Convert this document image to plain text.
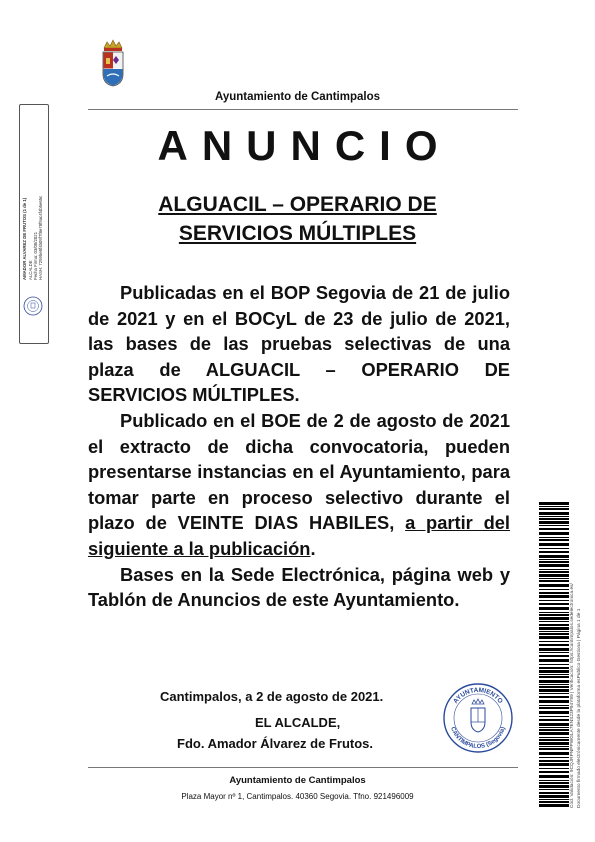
Ayuntamiento de Cantimpalos
ANUNCIO
ALGUACIL – OPERARIO DE
SERVICIOS MÚLTIPLES

Publicadas en el BOP Segovia de 21 de julio de 2021 y en el BOCyL de 23 de julio de 2021, las bases de las pruebas selectivas de una plaza de ALGUACIL – OPERARIO DE SERVICIOS MÚLTIPLES.

Publicado en el BOE de 2 de agosto de 2021 el extracto de dicha convocatoria, pueden presentarse instancias en el Ayuntamiento, para tomar parte en proceso selectivo durante el plazo de VEINTE DIAS HABILES, a partir del siguiente a la publicación.

Bases en la Sede Electrónica, página web y Tablón de Anuncios de este Ayuntamiento.

Cantimpalos, a 2 de agosto de 2021.
EL ALCALDE,
Fdo. Amador Álvarez de Frutos.
AYUNTAMIENTO
CANTIMPALOS (Segovia)
Ayuntamiento de Cantimpalos
Plaza Mayor nº 1, Cantimpalos. 40360 Segovia. Tfno. 921496009
AMADOR ALVAREZ DE FRUTOS (1 de 1) ALCALDE Fecha Firma: 03/08/2021 HASH: 7259be8f4b09f7f8e78f9ac4f4b5e65c
Cód. Validación: 9CQJRPNPPWGLA7ENS23P94Y99 | Verificación: https://cantimpalos.sedelectronica.es/ Documento firmado electrónicamente desde la plataforma esPublico Gestiona | Página 1 de 1
